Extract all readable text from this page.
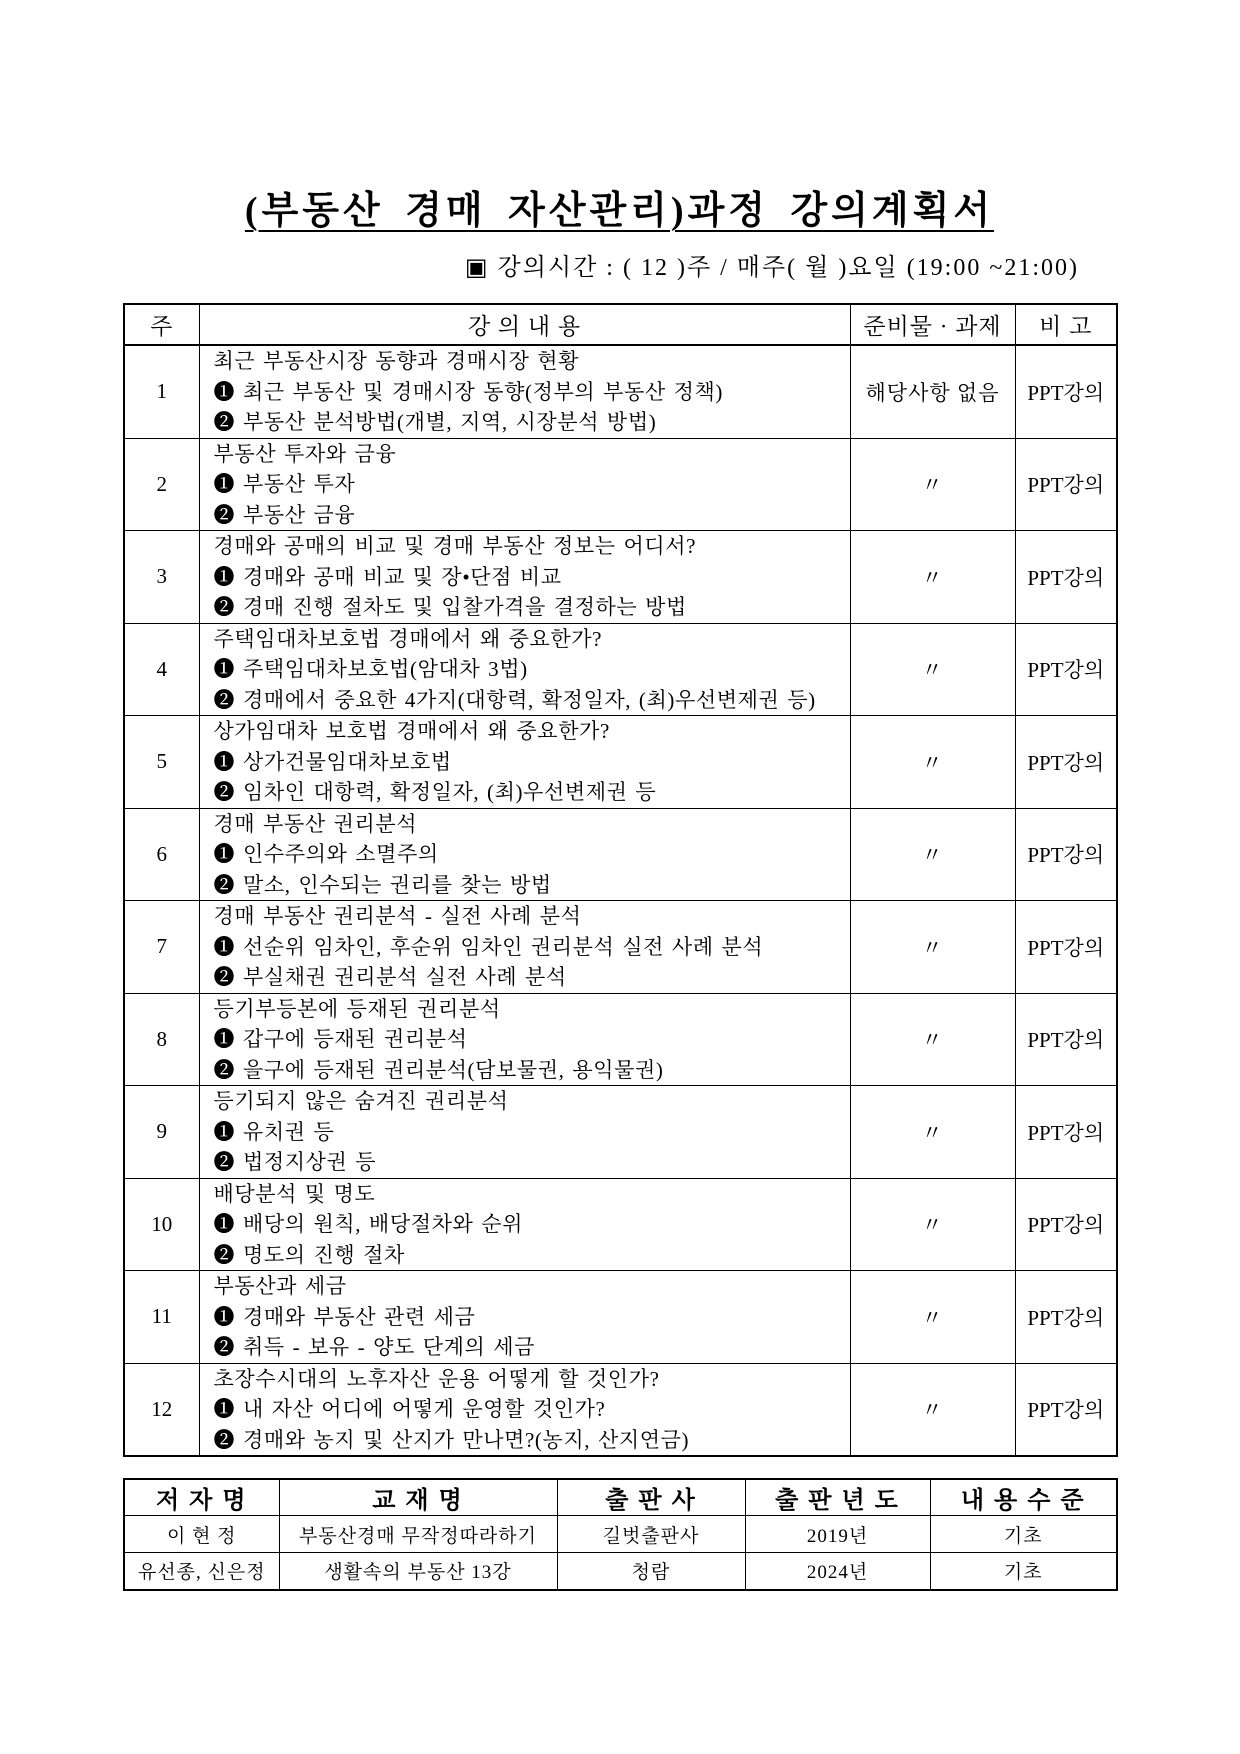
(부동산 경매 자산관리)과정 강의계획서
▣ 강의시간 : ( 12 )주 / 매주( 월 )요일 (19:00 ~21:00)
주	강 의 내 용	준비물 · 과제	비 고
1	최근 부동산시장 동향과 경매시장 현황
❶ 최근 부동산 및 경매시장 동향(정부의 부동산 정책)
❷ 부동산 분석방법(개별, 지역, 시장분석 방법)	해당사항 없음	PPT강의
2	부동산 투자와 금융
❶ 부동산 투자
❷ 부동산 금융	〃	PPT강의
3	경매와 공매의 비교 및 경매 부동산 정보는 어디서?
❶ 경매와 공매 비교 및 장•단점 비교
❷ 경매 진행 절차도 및 입찰가격을 결정하는 방법	〃	PPT강의
4	주택임대차보호법 경매에서 왜 중요한가?
❶ 주택임대차보호법(암대차 3법)
❷ 경매에서 중요한 4가지(대항력, 확정일자, (최)우선변제권 등)	〃	PPT강의
5	상가임대차 보호법 경매에서 왜 중요한가?
❶ 상가건물임대차보호법
❷ 임차인 대항력, 확정일자, (최)우선변제권 등	〃	PPT강의
6	경매 부동산 권리분석
❶ 인수주의와 소멸주의
❷ 말소, 인수되는 권리를 찾는 방법	〃	PPT강의
7	경매 부동산 권리분석 - 실전 사례 분석
❶ 선순위 임차인, 후순위 임차인 권리분석 실전 사례 분석
❷ 부실채권 권리분석 실전 사례 분석	〃	PPT강의
8	등기부등본에 등재된 권리분석
❶ 갑구에 등재된 권리분석
❷ 을구에 등재된 권리분석(담보물권, 용익물권)	〃	PPT강의
9	등기되지 않은 숨겨진 권리분석
❶ 유치권 등
❷ 법정지상권 등	〃	PPT강의
10	배당분석 및 명도
❶ 배당의 원칙, 배당절차와 순위
❷ 명도의 진행 절차	〃	PPT강의
11	부동산과 세금
❶ 경매와 부동산 관련 세금
❷ 취득 - 보유 - 양도 단계의 세금	〃	PPT강의
12	초장수시대의 노후자산 운용 어떻게 할 것인가?
❶ 내 자산 어디에 어떻게 운영할 것인가?
❷ 경매와 농지 및 산지가 만나면?(농지, 산지연금)	〃	PPT강의
저 자 명	교 재 명	출 판 사	출 판 년 도	내 용 수 준
이 현 정	부동산경매 무작정따라하기	길벗출판사	2019년	기초
유선종, 신은정	생활속의 부동산 13강	청람	2024년	기초
